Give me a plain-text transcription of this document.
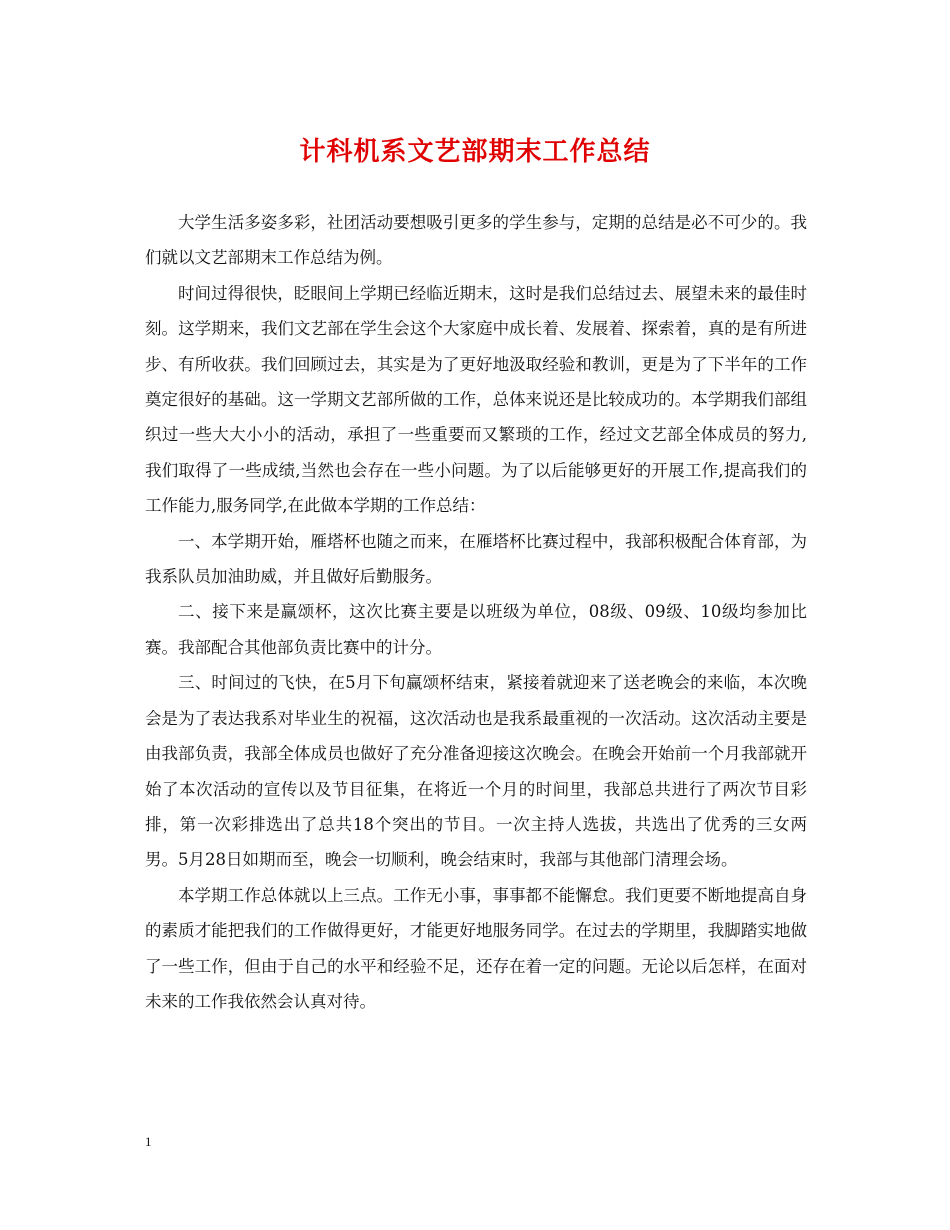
计科机系文艺部期末工作总结

大学生活多姿多彩，社团活动要想吸引更多的学生参与，定期的总结是必不可少的。我们就以文艺部期末工作总结为例。

时间过得很快，眨眼间上学期已经临近期末，这时是我们总结过去、展望未来的最佳时刻。这学期来，我们文艺部在学生会这个大家庭中成长着、发展着、探索着，真的是有所进步、有所收获。我们回顾过去，其实是为了更好地汲取经验和教训，更是为了下半年的工作奠定很好的基础。这一学期文艺部所做的工作，总体来说还是比较成功的。本学期我们部组织过一些大大小小的活动，承担了一些重要而又繁琐的工作，经过文艺部全体成员的努力,我们取得了一些成绩,当然也会存在一些小问题。为了以后能够更好的开展工作,提高我们的工作能力,服务同学,在此做本学期的工作总结：

一、本学期开始，雁塔杯也随之而来，在雁塔杯比赛过程中，我部积极配合体育部，为我系队员加油助威，并且做好后勤服务。

二、接下来是赢颂杯，这次比赛主要是以班级为单位，08级、09级、10级均参加比赛。我部配合其他部负责比赛中的计分。

三、时间过的飞快，在5月下旬赢颂杯结束，紧接着就迎来了送老晚会的来临，本次晚会是为了表达我系对毕业生的祝福，这次活动也是我系最重视的一次活动。这次活动主要是由我部负责，我部全体成员也做好了充分准备迎接这次晚会。在晚会开始前一个月我部就开始了本次活动的宣传以及节目征集，在将近一个月的时间里，我部总共进行了两次节目彩排，第一次彩排选出了总共18个突出的节目。一次主持人选拔，共选出了优秀的三女两男。5月28日如期而至，晚会一切顺利，晚会结束时，我部与其他部门清理会场。

本学期工作总体就以上三点。工作无小事，事事都不能懈怠。我们更要不断地提高自身的素质才能把我们的工作做得更好，才能更好地服务同学。在过去的学期里，我脚踏实地做了一些工作，但由于自己的水平和经验不足，还存在着一定的问题。无论以后怎样，在面对未来的工作我依然会认真对待。

1
